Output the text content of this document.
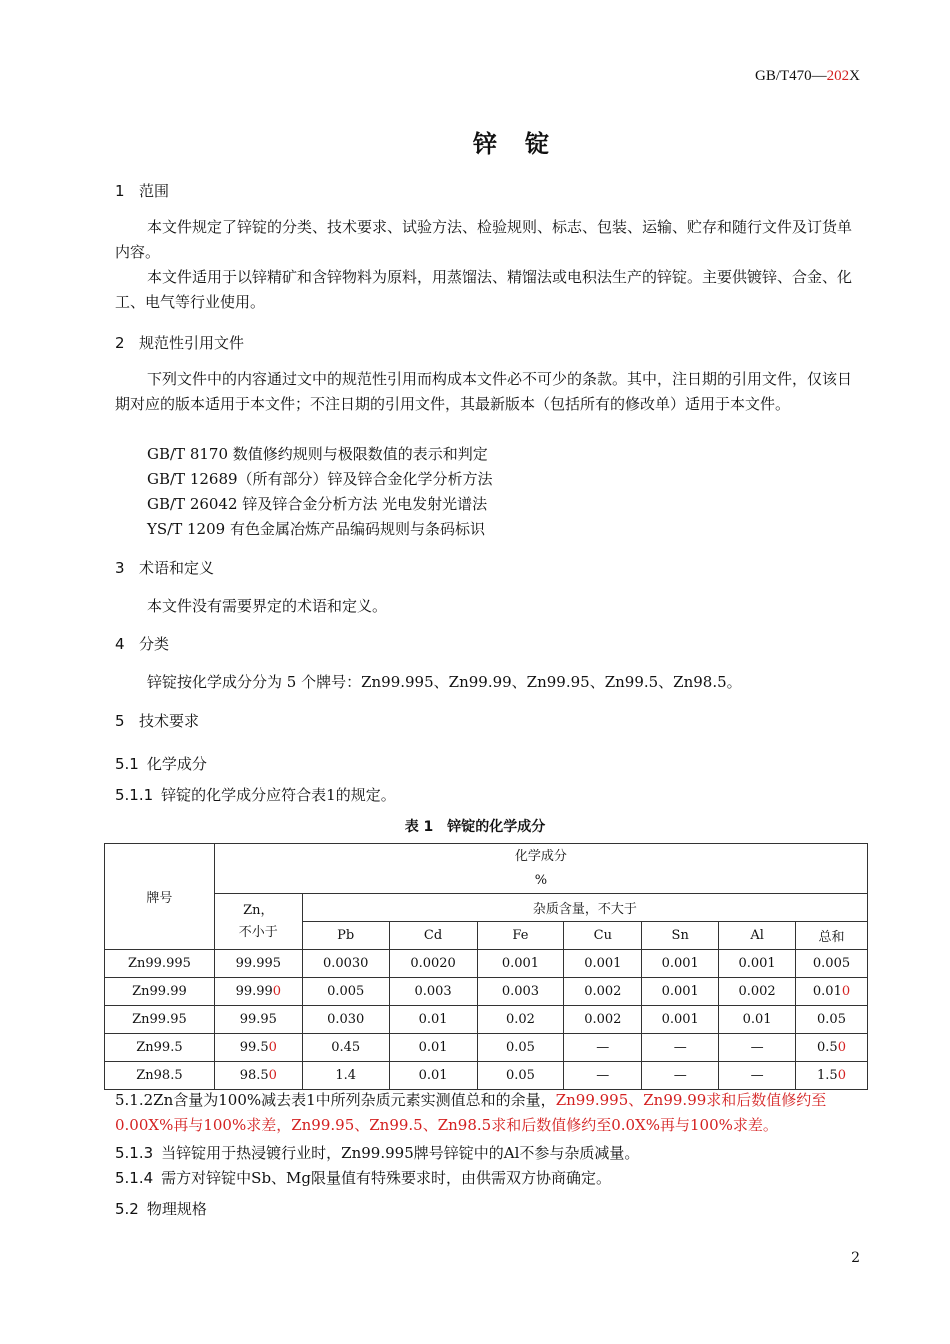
GB/T470—202X
锌锭
1 范围
本文件规定了锌锭的分类、技术要求、试验方法、检验规则、标志、包装、运输、贮存和随行文件及订货单内容。
本文件适用于以锌精矿和含锌物料为原料，用蒸馏法、精馏法或电积法生产的锌锭。主要供镀锌、合金、化工、电气等行业使用。
2 规范性引用文件
下列文件中的内容通过文中的规范性引用而构成本文件必不可少的条款。其中，注日期的引用文件，仅该日期对应的版本适用于本文件；不注日期的引用文件，其最新版本（包括所有的修改单）适用于本文件。
GB/T 8170 数值修约规则与极限数值的表示和判定
GB/T 12689（所有部分）锌及锌合金化学分析方法
GB/T 26042 锌及锌合金分析方法 光电发射光谱法
YS/T 1209 有色金属冶炼产品编码规则与条码标识
3 术语和定义
本文件没有需要界定的术语和定义。
4 分类
锌锭按化学成分分为 5 个牌号：Zn99.995、Zn99.99、Zn99.95、Zn99.5、Zn98.5。
5 技术要求
5.1 化学成分
5.1.1 锌锭的化学成分应符合表1的规定。
表 1　锌锭的化学成分
牌号	化学成分
%							

	Zn，
不小于	杂质含量，不大于						
		Pb	Cd	Fe	Cu	Sn	Al	总和
Zn99.995	99.995	0.0030	0.0020	0.001	0.001	0.001	0.001	0.005
Zn99.99	99.990	0.005	0.003	0.003	0.002	0.001	0.002	0.010
Zn99.95	99.95	0.030	0.01	0.02	0.002	0.001	0.01	0.05
Zn99.5	99.50	0.45	0.01	0.05	—	—	—	0.50
Zn98.5	98.50	1.4	0.01	0.05	—	—	—	1.50
5.1.2Zn含量为100%减去表1中所列杂质元素实测值总和的余量，Zn99.995、Zn99.99求和后数值修约至0.00X%再与100%求差，Zn99.95、Zn99.5、Zn98.5求和后数值修约至0.0X%再与100%求差。
5.1.3 当锌锭用于热浸镀行业时，Zn99.995牌号锌锭中的Al不参与杂质减量。
5.1.4 需方对锌锭中Sb、Mg限量值有特殊要求时，由供需双方协商确定。
5.2 物理规格
2
